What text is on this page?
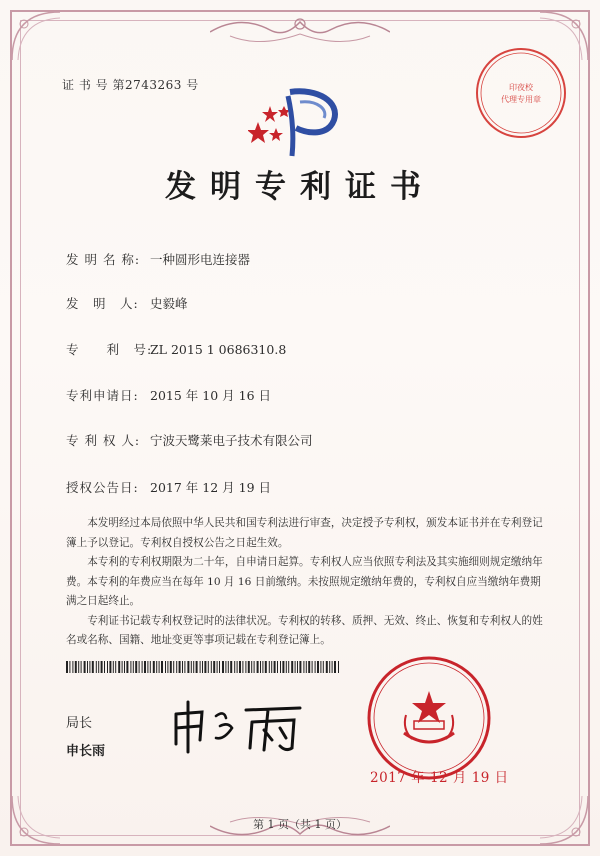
证 书 号 第2743263 号	印夜校
代理专用章
发明专利证书
发 明 名 称: 一种圆形电连接器
发　明　人: 史毅峰
专　　利　号:ZL 2015 1 0686310.8
专利申请日: 2015 年 10 月 16 日
专 利 权 人: 宁波天鹭莱电子技术有限公司
授权公告日: 2017 年 12 月 19 日

本发明经过本局依照中华人民共和国专利法进行审查，决定授予专利权，颁发本证书并在专利登记簿上予以登记。专利权自授权公告之日起生效。

本专利的专利权期限为二十年，自申请日起算。专利权人应当依照专利法及其实施细则规定缴纳年费。本专利的年费应当在每年 10 月 16 日前缴纳。未按照规定缴纳年费的，专利权自应当缴纳年费期满之日起终止。

专利证书记载专利权登记时的法律状况。专利权的转移、质押、无效、终止、恢复和专利权人的姓名或名称、国籍、地址变更等事项记载在专利登记簿上。

局长
申长雨
2017 年 12 月 19 日
第 1 页（共 1 页）
